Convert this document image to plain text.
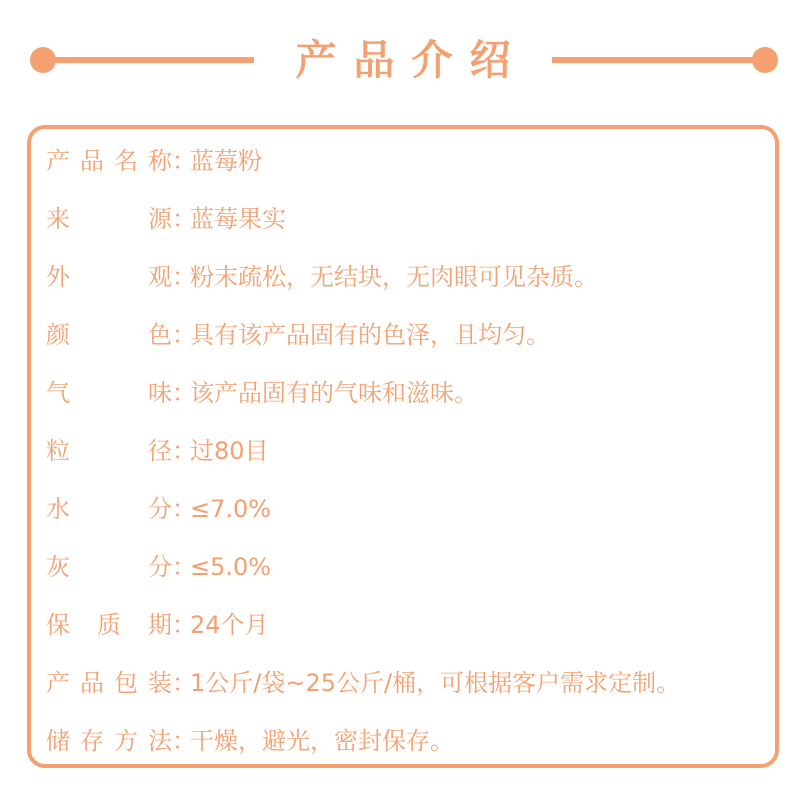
产品介绍
产 品 名 称 ：
蓝莓粉
来	源 ：
蓝莓果实
外	观 ：
粉末疏松，无结块，无肉眼可见杂质。
颜	色 ：
具有该产品固有的色泽，且均匀。
气	味 ：
该产品固有的气味和滋味。
粒	径 ：
过80目
水	分 ：
≤7.0%
灰	分 ：
≤5.0%
保 质 期 ：
24个月
产 品 包 装 ：
1公斤/袋~25公斤/桶，可根据客户需求定制。
储 存 方 法 ：
干燥，避光，密封保存。
